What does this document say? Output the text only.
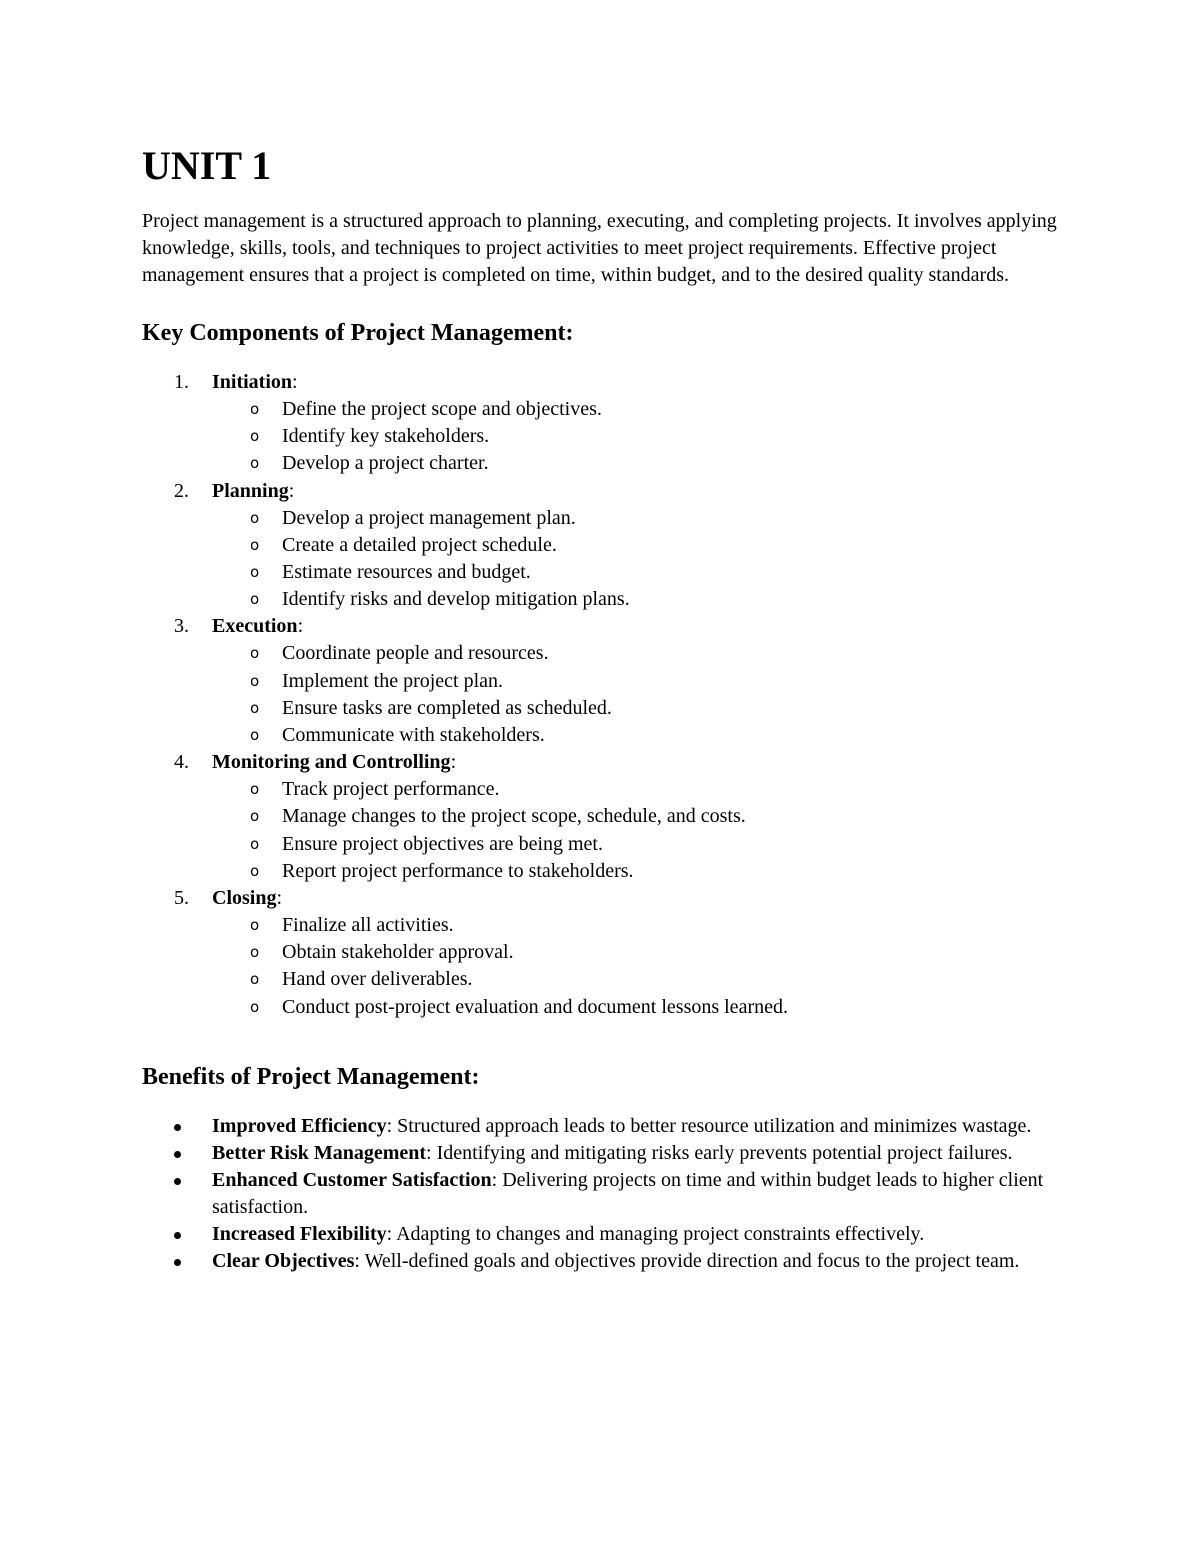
UNIT 1

Project management is a structured approach to planning, executing, and completing projects. It involves applying knowledge, skills, tools, and techniques to project activities to meet project requirements. Effective project management ensures that a project is completed on time, within budget, and to the desired quality standards.

Key Components of Project Management:
1. Initiation:
o Define the project scope and objectives.
o Identify key stakeholders.
o Develop a project charter.
2. Planning:
o Develop a project management plan.
o Create a detailed project schedule.
o Estimate resources and budget.
o Identify risks and develop mitigation plans.
3. Execution:
o Coordinate people and resources.
o Implement the project plan.
o Ensure tasks are completed as scheduled.
o Communicate with stakeholders.
4. Monitoring and Controlling:
o Track project performance.
o Manage changes to the project scope, schedule, and costs.
o Ensure project objectives are being met.
o Report project performance to stakeholders.
5. Closing:
o Finalize all activities.
o Obtain stakeholder approval.
o Hand over deliverables.
o Conduct post-project evaluation and document lessons learned.
Benefits of Project Management:
Improved Efficiency: Structured approach leads to better resource utilization and minimizes wastage.
Better Risk Management: Identifying and mitigating risks early prevents potential project failures.
Enhanced Customer Satisfaction: Delivering projects on time and within budget leads to higher client satisfaction.
Increased Flexibility: Adapting to changes and managing project constraints effectively.
Clear Objectives: Well-defined goals and objectives provide direction and focus to the project team.
